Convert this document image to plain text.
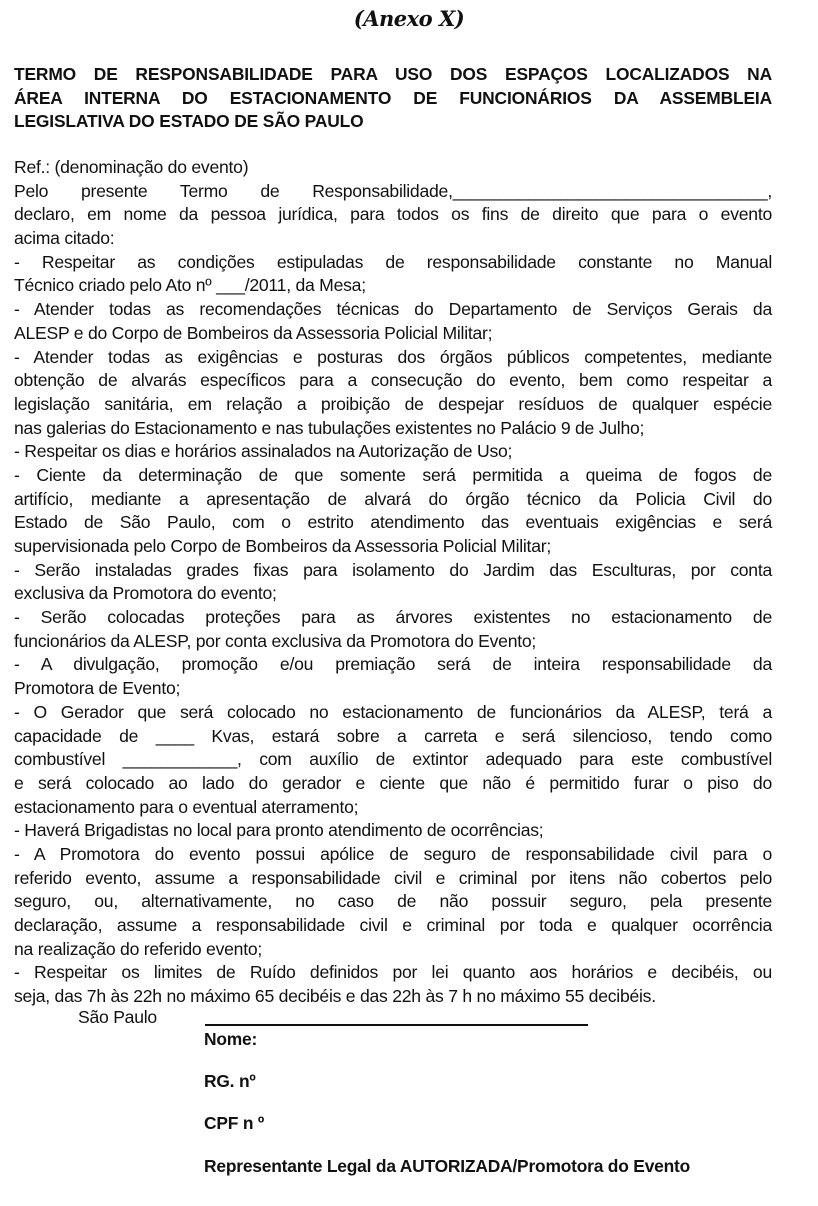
(Anexo X)
TERMO DE RESPONSABILIDADE PARA USO DOS ESPAÇOS LOCALIZADOS NA
ÁREA INTERNA DO ESTACIONAMENTO DE FUNCIONÁRIOS DA ASSEMBLEIA
LEGISLATIVA DO ESTADO DE SÃO PAULO
Ref.: (denominação do evento)
Pelo presente Termo de Responsabilidade,_________________________________,
declaro, em nome da pessoa jurídica, para todos os fins de direito que para o evento
acima citado:
- Respeitar as condições estipuladas de responsabilidade constante no Manual
Técnico criado pelo Ato nº ___/2011, da Mesa;
- Atender todas as recomendações técnicas do Departamento de Serviços Gerais da
ALESP e do Corpo de Bombeiros da Assessoria Policial Militar;
- Atender todas as exigências e posturas dos órgãos públicos competentes, mediante
obtenção de alvarás específicos para a consecução do evento, bem como respeitar a
legislação sanitária, em relação a proibição de despejar resíduos de qualquer espécie
nas galerias do Estacionamento e nas tubulações existentes no Palácio 9 de Julho;
- Respeitar os dias e horários assinalados na Autorização de Uso;
- Ciente da determinação de que somente será permitida a queima de fogos de
artifício, mediante a apresentação de alvará do órgão técnico da Policia Civil do
Estado de São Paulo, com o estrito atendimento das eventuais exigências e será
supervisionada pelo Corpo de Bombeiros da Assessoria Policial Militar;
- Serão instaladas grades fixas para isolamento do Jardim das Esculturas, por conta
exclusiva da Promotora do evento;
- Serão colocadas proteções para as árvores existentes no estacionamento de
funcionários da ALESP, por conta exclusiva da Promotora do Evento;
- A divulgação, promoção e/ou premiação será de inteira responsabilidade da
Promotora de Evento;
- O Gerador que será colocado no estacionamento de funcionários da ALESP, terá a
capacidade de ____ Kvas, estará sobre a carreta e será silencioso, tendo como
combustível ____________, com auxílio de extintor adequado para este combustível
e será colocado ao lado do gerador e ciente que não é permitido furar o piso do
estacionamento para o eventual aterramento;
- Haverá Brigadistas no local para pronto atendimento de ocorrências;
- A Promotora do evento possui apólice de seguro de responsabilidade civil para o
referido evento, assume a responsabilidade civil e criminal por itens não cobertos pelo
seguro, ou, alternativamente, no caso de não possuir seguro, pela presente
declaração, assume a responsabilidade civil e criminal por toda e qualquer ocorrência
na realização do referido evento;
- Respeitar os limites de Ruído definidos por lei quanto aos horários e decibéis, ou
seja, das 7h às 22h no máximo 65 decibéis e das 22h às 7 h no máximo 55 decibéis.
São Paulo
Nome:
RG. nº
CPF n º
Representante Legal da AUTORIZADA/Promotora do Evento
